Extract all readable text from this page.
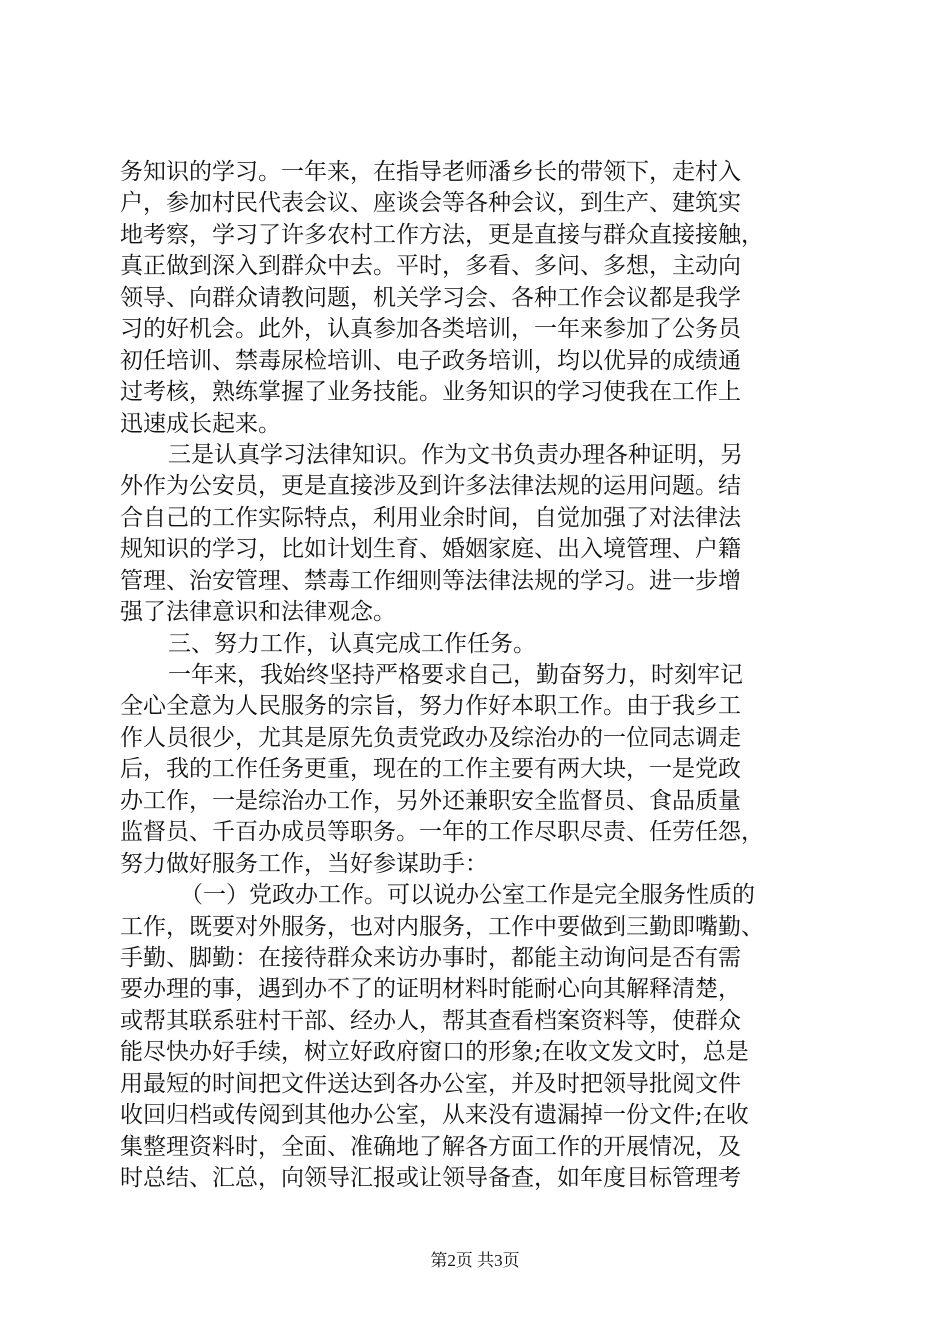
务知识的学习。一年来，在指导老师潘乡长的带领下，走村入
户，参加村民代表会议、座谈会等各种会议，到生产、建筑实
地考察，学习了许多农村工作方法，更是直接与群众直接接触，
真正做到深入到群众中去。平时，多看、多问、多想，主动向
领导、向群众请教问题，机关学习会、各种工作会议都是我学
习的好机会。此外，认真参加各类培训，一年来参加了公务员
初任培训、禁毒尿检培训、电子政务培训，均以优异的成绩通
过考核，熟练掌握了业务技能。业务知识的学习使我在工作上
迅速成长起来。
三是认真学习法律知识。作为文书负责办理各种证明，另
外作为公安员，更是直接涉及到许多法律法规的运用问题。结
合自己的工作实际特点，利用业余时间，自觉加强了对法律法
规知识的学习，比如计划生育、婚姻家庭、出入境管理、户籍
管理、治安管理、禁毒工作细则等法律法规的学习。进一步增
强了法律意识和法律观念。
三、努力工作，认真完成工作任务。
一年来，我始终坚持严格要求自己，勤奋努力，时刻牢记
全心全意为人民服务的宗旨，努力作好本职工作。由于我乡工
作人员很少，尤其是原先负责党政办及综治办的一位同志调走
后，我的工作任务更重，现在的工作主要有两大块，一是党政
办工作，一是综治办工作，另外还兼职安全监督员、食品质量
监督员、千百办成员等职务。一年的工作尽职尽责、任劳任怨，
努力做好服务工作，当好参谋助手：
（一）党政办工作。可以说办公室工作是完全服务性质的
工作，既要对外服务，也对内服务，工作中要做到三勤即嘴勤、
手勤、脚勤：在接待群众来访办事时，都能主动询问是否有需
要办理的事，遇到办不了的证明材料时能耐心向其解释清楚，
或帮其联系驻村干部、经办人，帮其查看档案资料等，使群众
能尽快办好手续，树立好政府窗口的形象;在收文发文时，总是
用最短的时间把文件送达到各办公室，并及时把领导批阅文件
收回归档或传阅到其他办公室，从来没有遗漏掉一份文件;在收
集整理资料时，全面、准确地了解各方面工作的开展情况，及
时总结、汇总，向领导汇报或让领导备查，如年度目标管理考
第2页 共3页
